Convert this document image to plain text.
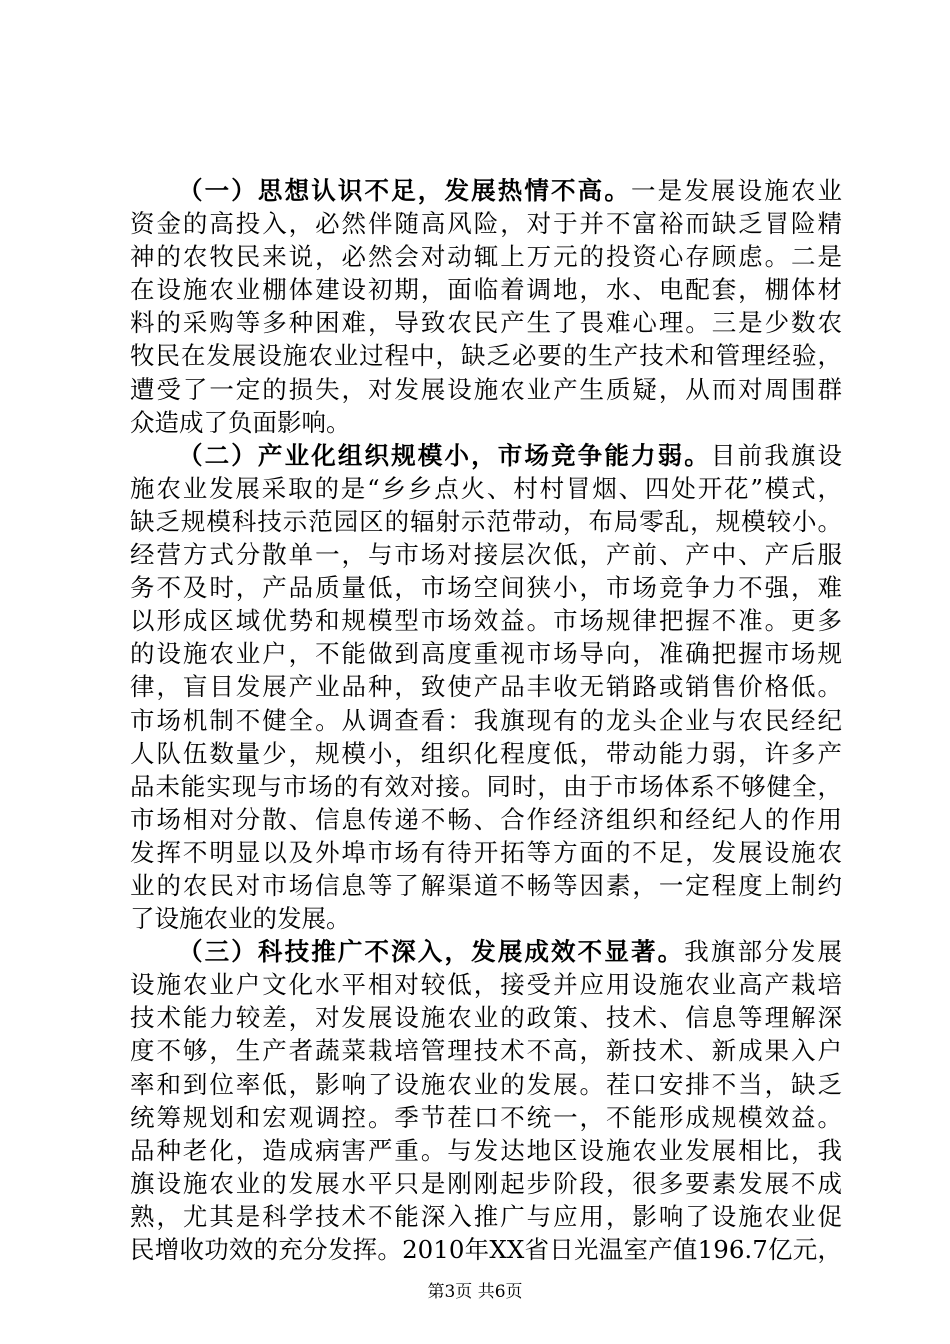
（一）思想认识不足，发展热情不高。一是发展设施农业
资金的高投入，必然伴随高风险，对于并不富裕而缺乏冒险精
神的农牧民来说，必然会对动辄上万元的投资心存顾虑。二是
在设施农业棚体建设初期，面临着调地，水、电配套，棚体材
料的采购等多种困难，导致农民产生了畏难心理。三是少数农
牧民在发展设施农业过程中，缺乏必要的生产技术和管理经验，
遭受了一定的损失，对发展设施农业产生质疑，从而对周围群
众造成了负面影响。
（二）产业化组织规模小，市场竞争能力弱。目前我旗设
施农业发展采取的是“乡乡点火、村村冒烟、四处开花”模式，
缺乏规模科技示范园区的辐射示范带动，布局零乱，规模较小。
经营方式分散单一，与市场对接层次低，产前、产中、产后服
务不及时，产品质量低，市场空间狭小，市场竞争力不强，难
以形成区域优势和规模型市场效益。市场规律把握不准。更多
的设施农业户，不能做到高度重视市场导向，准确把握市场规
律，盲目发展产业品种，致使产品丰收无销路或销售价格低。
市场机制不健全。从调查看：我旗现有的龙头企业与农民经纪
人队伍数量少，规模小，组织化程度低，带动能力弱，许多产
品未能实现与市场的有效对接。同时，由于市场体系不够健全，
市场相对分散、信息传递不畅、合作经济组织和经纪人的作用
发挥不明显以及外埠市场有待开拓等方面的不足，发展设施农
业的农民对市场信息等了解渠道不畅等因素，一定程度上制约
了设施农业的发展。
（三）科技推广不深入，发展成效不显著。我旗部分发展
设施农业户文化水平相对较低，接受并应用设施农业高产栽培
技术能力较差，对发展设施农业的政策、技术、信息等理解深
度不够，生产者蔬菜栽培管理技术不高，新技术、新成果入户
率和到位率低，影响了设施农业的发展。茬口安排不当，缺乏
统筹规划和宏观调控。季节茬口不统一，不能形成规模效益。
品种老化，造成病害严重。与发达地区设施农业发展相比，我
旗设施农业的发展水平只是刚刚起步阶段，很多要素发展不成
熟，尤其是科学技术不能深入推广与应用，影响了设施农业促
民增收功效的充分发挥。2010年XX省日光温室产值196.7亿元，
第3页 共6页
